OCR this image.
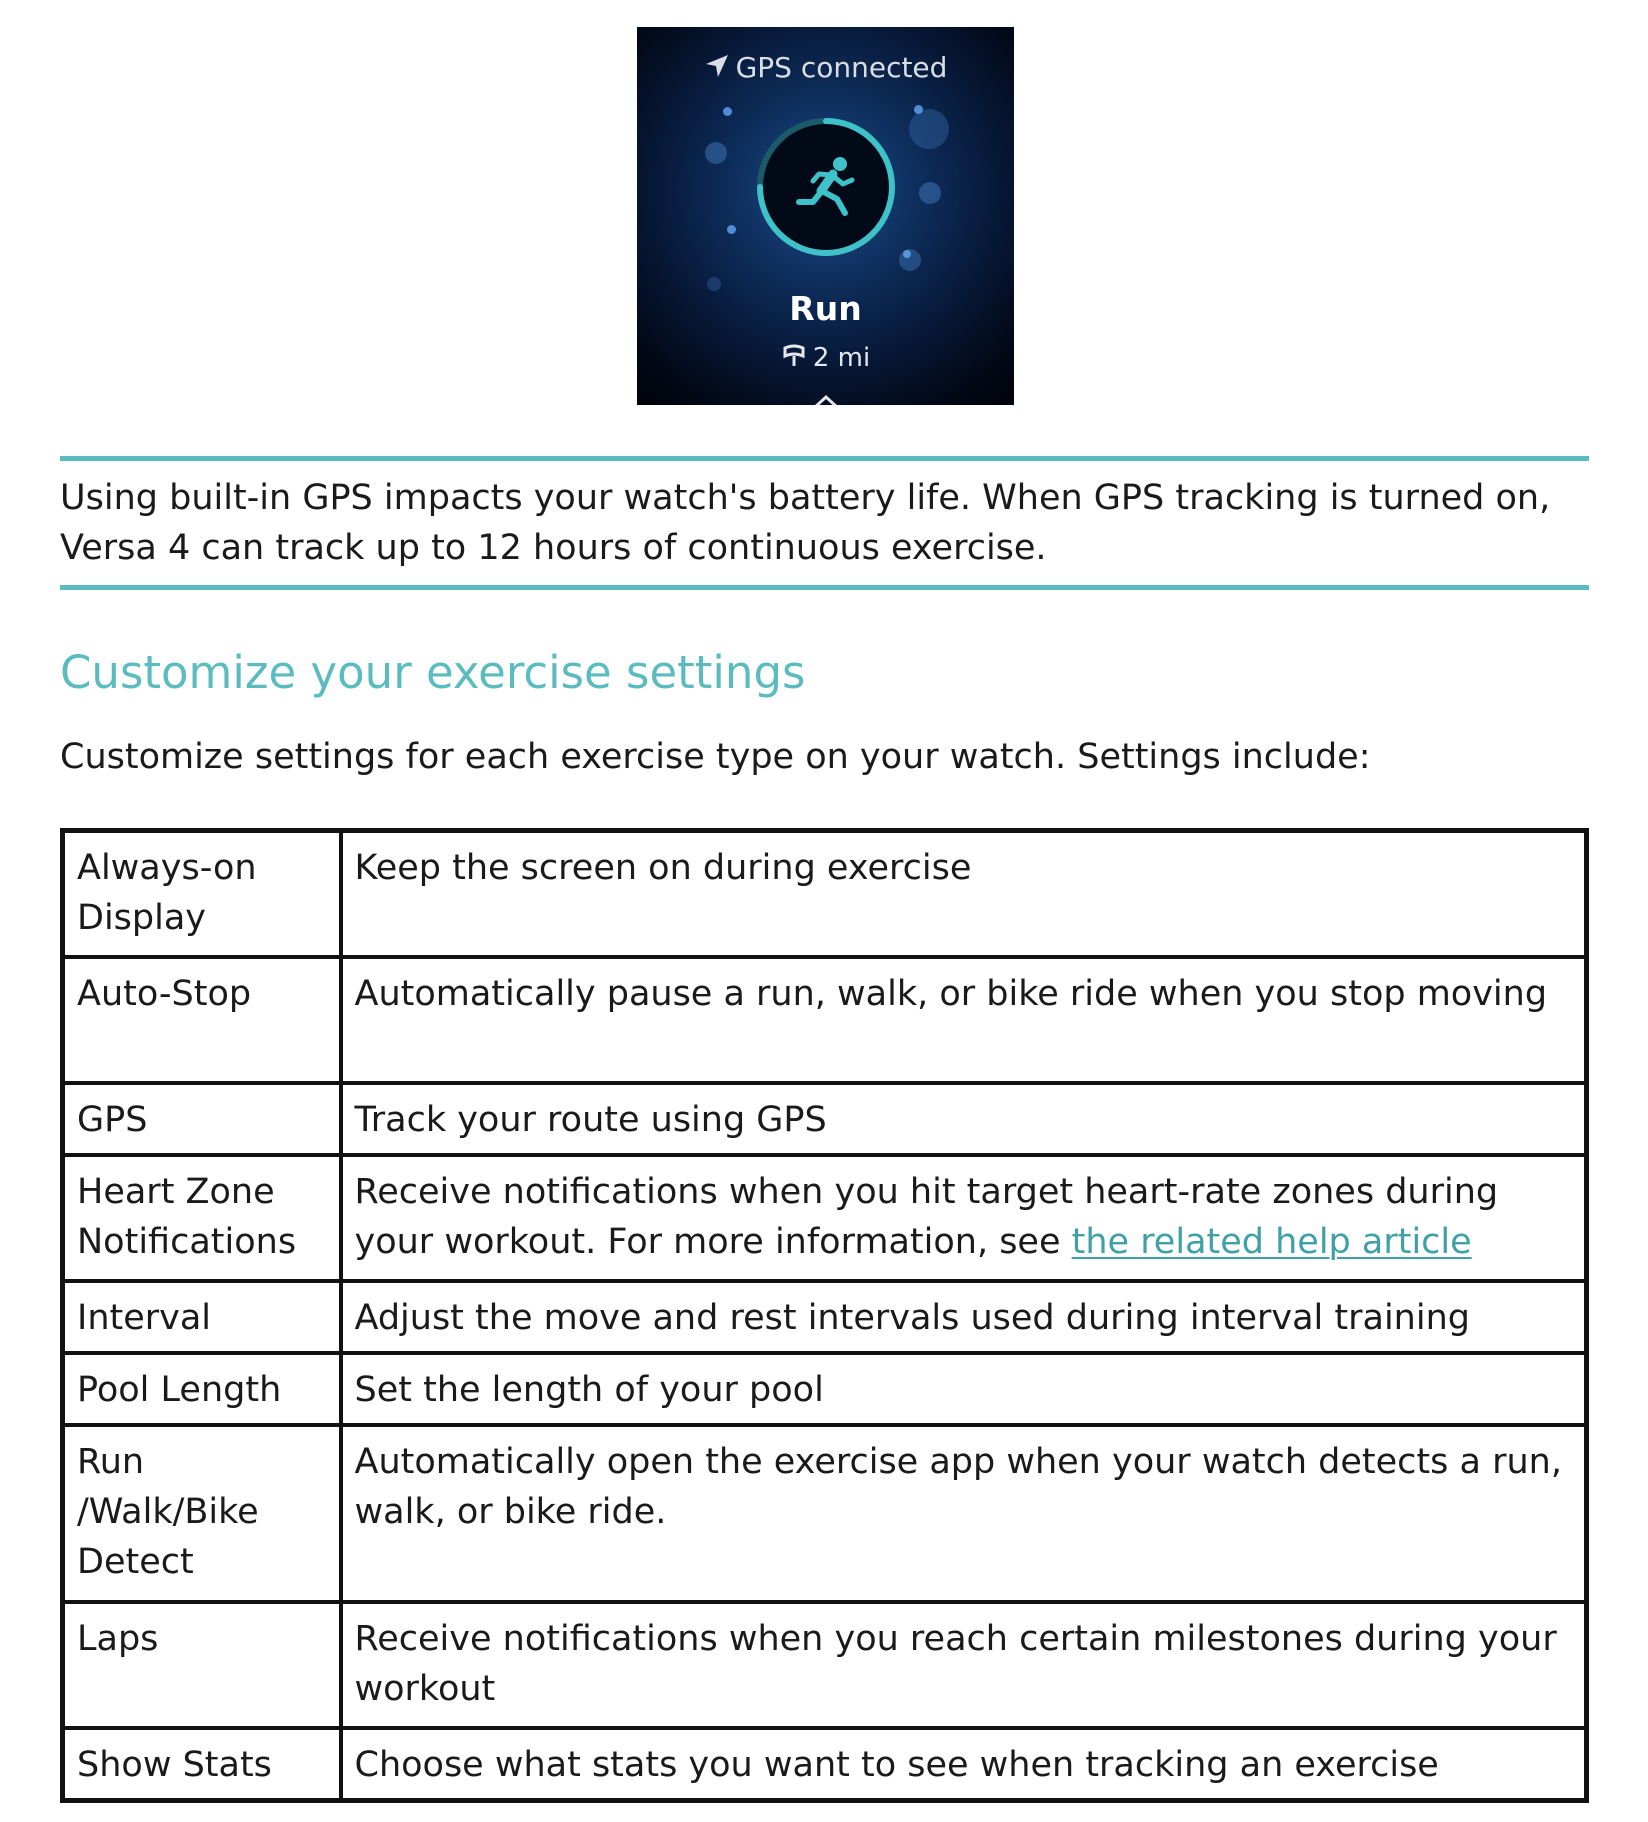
GPS connected
Run
2 mi

Using built-in GPS impacts your watch's battery life. When GPS tracking is turned on, Versa 4 can track up to 12 hours of continuous exercise.

Customize your exercise settings

Customize settings for each exercise type on your watch. Settings include:

Always-on
Display	Keep the screen on during exercise
Auto-Stop	Automatically pause a run, walk, or bike ride when you stop moving
GPS	Track your route using GPS
Heart Zone
Notifications	Receive notifications when you hit target heart-rate zones during your workout. For more information, see the related help article
Interval	Adjust the move and rest intervals used during interval training
Pool Length	Set the length of your pool
Run
/Walk/Bike
Detect	Automatically open the exercise app when your watch detects a run, walk, or bike ride.
Laps	Receive notifications when you reach certain milestones during your workout
Show Stats	Choose what stats you want to see when tracking an exercise
